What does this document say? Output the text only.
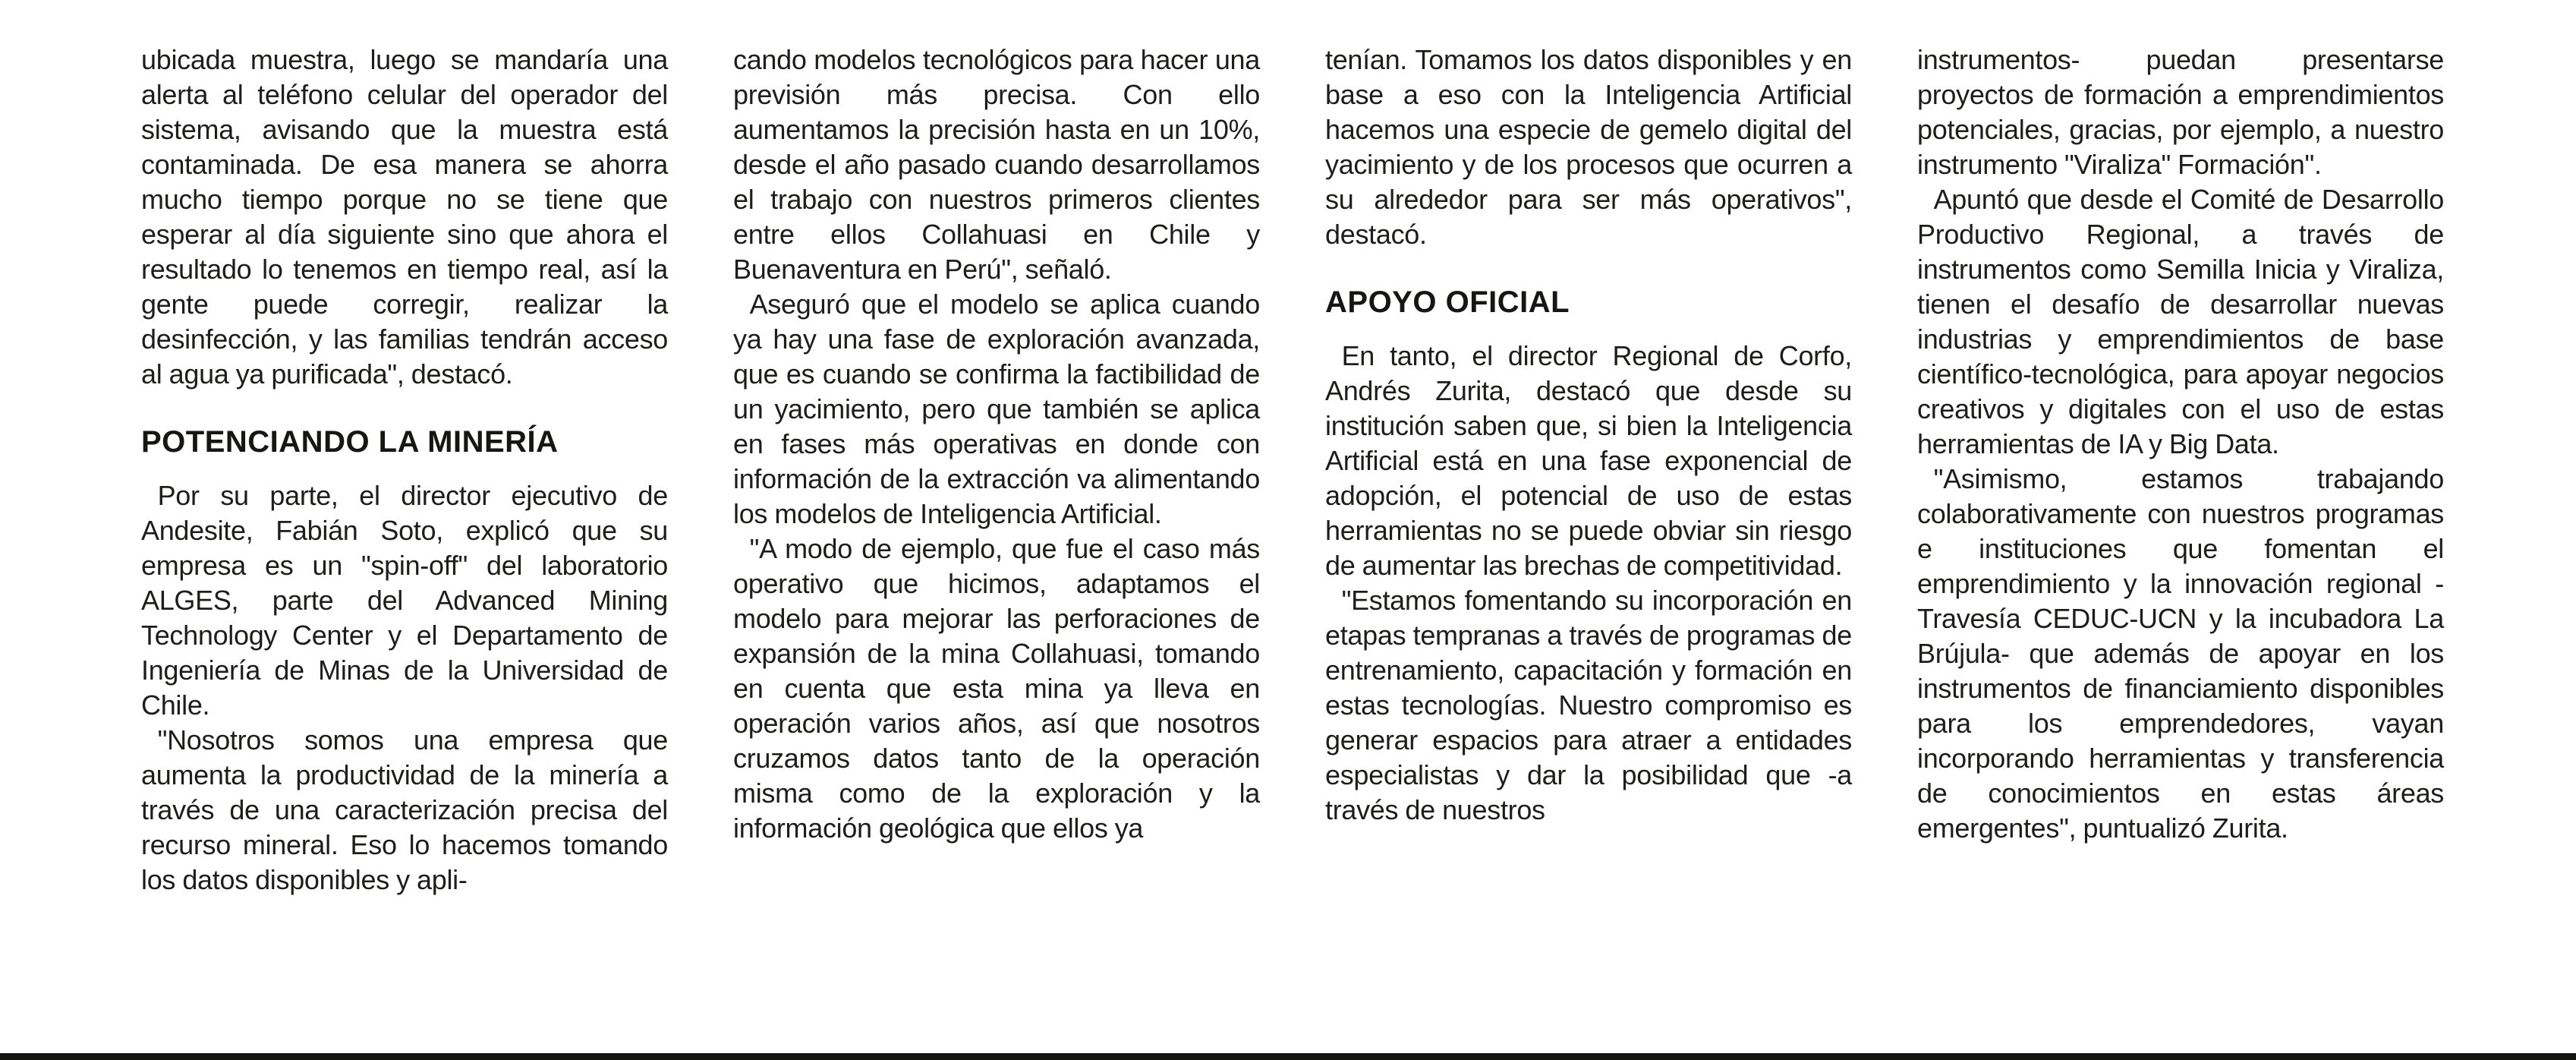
ubicada muestra, luego se mandaría una alerta al teléfono celular del operador del sistema, avisando que la muestra está contaminada. De esa manera se ahorra mucho tiempo porque no se tiene que esperar al día siguiente sino que ahora el resultado lo tenemos en tiempo real, así la gente puede corregir, realizar la desinfección, y las familias tendrán acceso al agua ya purificada", destacó.

POTENCIANDO LA MINERÍA

Por su parte, el director ejecutivo de Andesite, Fabián Soto, explicó que su empresa es un "spin-off" del laboratorio ALGES, parte del Advanced Mining Technology Center y el Departamento de Ingeniería de Minas de la Universidad de Chile.

"Nosotros somos una empresa que aumenta la productividad de la minería a través de una caracterización precisa del recurso mineral. Eso lo hacemos tomando los datos disponibles y apli-

cando modelos tecnológicos para hacer una previsión más precisa. Con ello aumentamos la precisión hasta en un 10%, desde el año pasado cuando desarrollamos el trabajo con nuestros primeros clientes entre ellos Collahuasi en Chile y Buenaventura en Perú", señaló.

Aseguró que el modelo se aplica cuando ya hay una fase de exploración avanzada, que es cuando se confirma la factibilidad de un yacimiento, pero que también se aplica en fases más operativas en donde con información de la extracción va alimentando los modelos de Inteligencia Artificial.

"A modo de ejemplo, que fue el caso más operativo que hicimos, adaptamos el modelo para mejorar las perforaciones de expansión de la mina Collahuasi, tomando en cuenta que esta mina ya lleva en operación varios años, así que nosotros cruzamos datos tanto de la operación misma como de la exploración y la información geológica que ellos ya

tenían. Tomamos los datos disponibles y en base a eso con la Inteligencia Artificial hacemos una especie de gemelo digital del yacimiento y de los procesos que ocurren a su alrededor para ser más operativos", destacó.

APOYO OFICIAL

En tanto, el director Regional de Corfo, Andrés Zurita, destacó que desde su institución saben que, si bien la Inteligencia Artificial está en una fase exponencial de adopción, el potencial de uso de estas herramientas no se puede obviar sin riesgo de aumentar las brechas de competitividad.

"Estamos fomentando su incorporación en etapas tempranas a través de programas de entrenamiento, capacitación y formación en estas tecnologías. Nuestro compromiso es generar espacios para atraer a entidades especialistas y dar la posibilidad que -a través de nuestros

instrumentos- puedan presentarse proyectos de formación a emprendimientos potenciales, gracias, por ejemplo, a nuestro instrumento "Viraliza" Formación".

Apuntó que desde el Comité de Desarrollo Productivo Regional, a través de instrumentos como Semilla Inicia y Viraliza, tienen el desafío de desarrollar nuevas industrias y emprendimientos de base científico-tecnológica, para apoyar negocios creativos y digitales con el uso de estas herramientas de IA y Big Data.

"Asimismo, estamos trabajando colaborativamente con nuestros programas e instituciones que fomentan el emprendimiento y la innovación regional -Travesía CEDUC-UCN y la incubadora La Brújula- que además de apoyar en los instrumentos de financiamiento disponibles para los emprendedores, vayan incorporando herramientas y transferencia de conocimientos en estas áreas emergentes", puntualizó Zurita.
